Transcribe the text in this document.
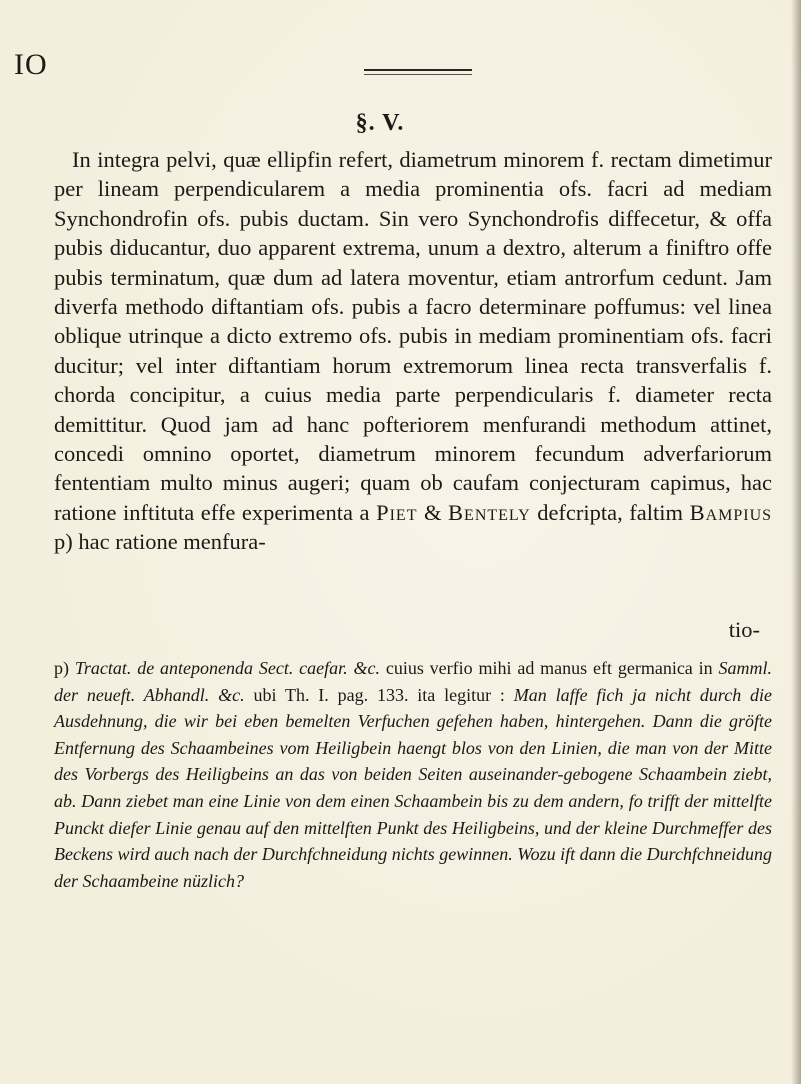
IO
§. V.

In integra pelvi, quæ ellipfin refert, diametrum minorem f. rectam dimetimur per lineam perpendicularem a media prominentia ofs. facri ad mediam Synchondrofin ofs. pubis ductam. Sin vero Synchondrofis diffecetur, & offa pubis diducantur, duo apparent extrema, unum a dextro, alterum a finiftro offe pubis terminatum, quæ dum ad latera moventur, etiam antrorfum cedunt. Jam diverfa methodo diftantiam ofs. pubis a facro determinare poffumus: vel linea oblique utrinque a dicto extremo ofs. pubis in mediam prominentiam ofs. facri ducitur; vel inter diftantiam horum extremorum linea recta transverfalis f. chorda concipitur, a cuius media parte perpendicularis f. diameter recta demittitur. Quod jam ad hanc pofteriorem menfurandi methodum attinet, concedi omnino oportet, diametrum minorem fecundum adverfariorum fententiam multo minus augeri; quam ob caufam conjecturam capimus, hac ratione inftituta effe experimenta a Piet & Bentely defcripta, faltim Bampius p) hac ratione menfura-

tio-

p) Tractat. de anteponenda Sect. caefar. &c. cuius verfio mihi ad manus eft germanica in Samml. der neueft. Abhandl. &c. ubi Th. I. pag. 133. ita legitur : Man laffe fich ja nicht durch die Ausdehnung, die wir bei eben bemelten Verfuchen gefehen haben, hintergehen. Dann die gröfte Entfernung des Schaambeines vom Heiligbein haengt blos von den Linien, die man von der Mitte des Vorbergs des Heiligbeins an das von beiden Seiten auseinander-gebogene Schaambein ziebt, ab. Dann ziebet man eine Linie von dem einen Schaambein bis zu dem andern, fo trifft der mittelfte Punckt diefer Linie genau auf den mittelften Punkt des Heiligbeins, und der kleine Durchmeffer des Beckens wird auch nach der Durchfchneidung nichts gewinnen. Wozu ift dann die Durchfchneidung der Schaambeine nüzlich?
